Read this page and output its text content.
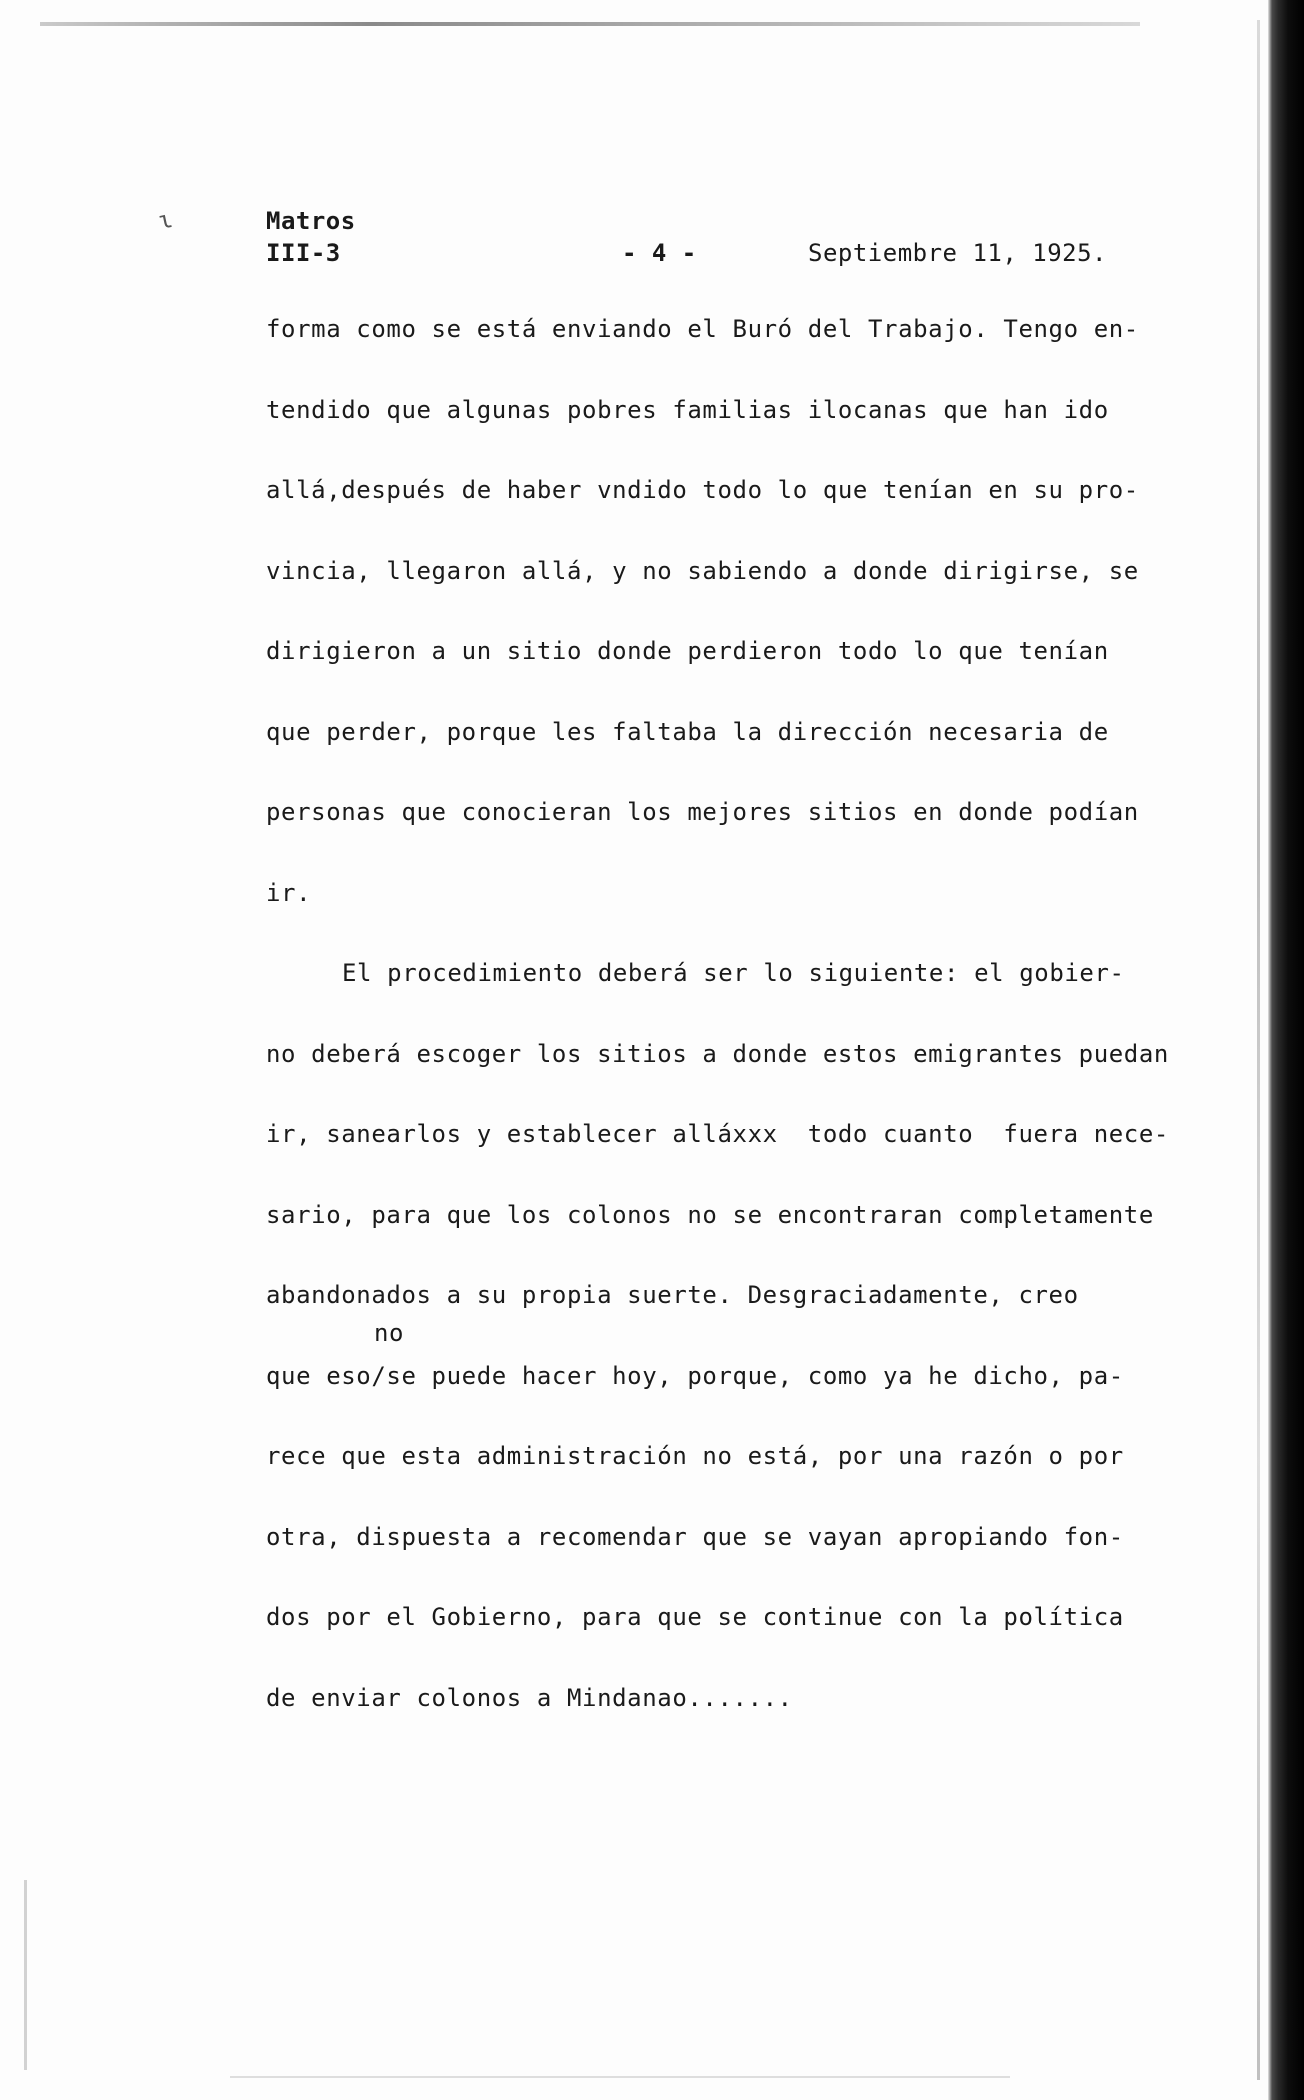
ɩ	Matros
III-3	- 4 -	Septiembre 11, 1925.
forma como se está enviando el Buró del Trabajo. Tengo en-
tendido que algunas pobres familias ilocanas que han ido
allá,después de haber vndido todo lo que tenían en su pro-
vincia, llegaron allá, y no sabiendo a donde dirigirse, se
dirigieron a un sitio donde perdieron todo lo que tenían
que perder, porque les faltaba la dirección necesaria de
personas que conocieran los mejores sitios en donde podían
ir.
El procedimiento deberá ser lo siguiente: el gobier-
no deberá escoger los sitios a donde estos emigrantes puedan
ir, sanearlos y establecer alláxxx  todo cuanto  fuera nece-
sario, para que los colonos no se encontraran completamente
abandonados a su propia suerte. Desgraciadamente, creo
que eso/se puede hacer hoy, porque, como ya he dicho, pa-
rece que esta administración no está, por una razón o por
otra, dispuesta a recomendar que se vayan apropiando fon-
dos por el Gobierno, para que se continue con la política
de enviar colonos a Mindanao.......
no
